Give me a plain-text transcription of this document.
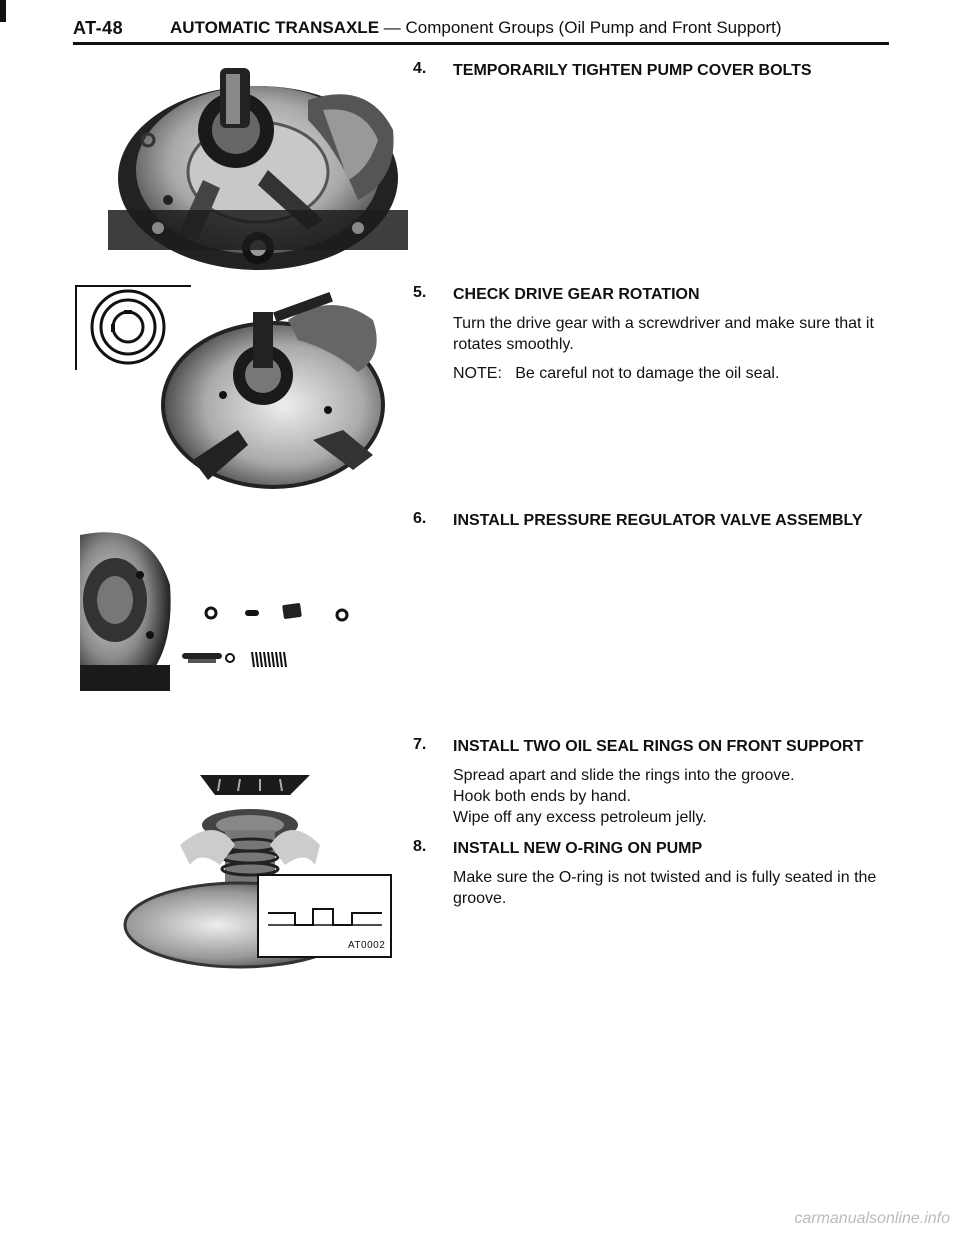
AT-48	AUTOMATIC TRANSAXLE — Component Groups (Oil Pump and Front Support)
AT0002
4. TEMPORARILY TIGHTEN PUMP COVER BOLTS
5. CHECK DRIVE GEAR ROTATION

Turn the drive gear with a screwdriver and make sure that it rotates smoothly.

NOTE: Be careful not to damage the oil seal.
6. INSTALL PRESSURE REGULATOR VALVE ASSEMBLY
7. INSTALL TWO OIL SEAL RINGS ON FRONT SUPPORT

Spread apart and slide the rings into the groove.

Hook both ends by hand.

Wipe off any excess petroleum jelly.

8. INSTALL NEW O-RING ON PUMP

Make sure the O-ring is not twisted and is fully seated in the groove.

carmanualsonline.info
